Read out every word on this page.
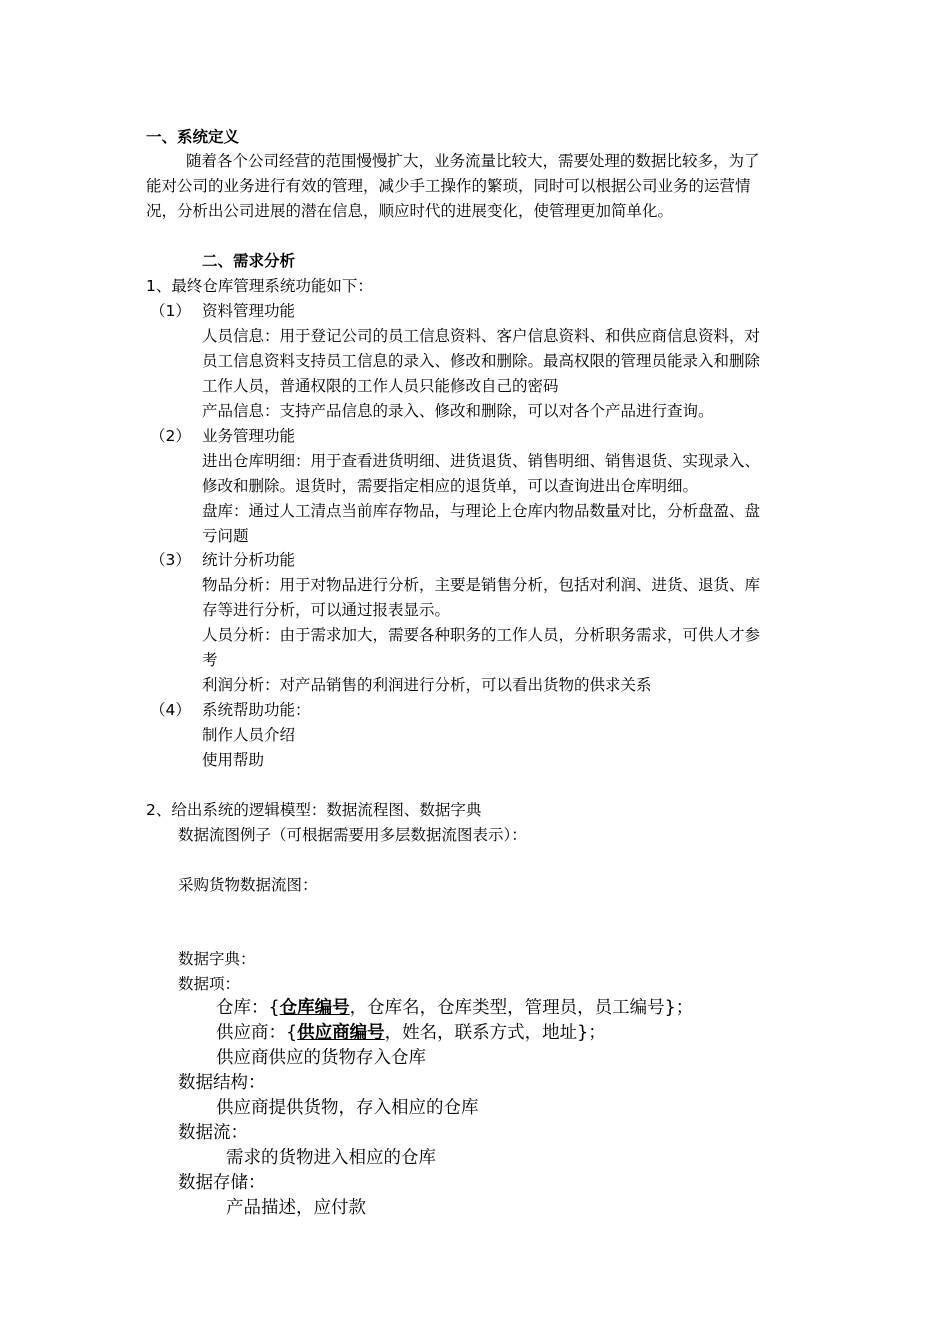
一、系统定义
随着各个公司经营的范围慢慢扩大，业务流量比较大，需要处理的数据比较多，为了
能对公司的业务进行有效的管理，减少手工操作的繁琐，同时可以根据公司业务的运营情
况，分析出公司进展的潜在信息，顺应时代的进展变化，使管理更加简单化。
二、需求分析
1、最终仓库管理系统功能如下：
（1） 资料管理功能
人员信息：用于登记公司的员工信息资料、客户信息资料、和供应商信息资料，对
员工信息资料支持员工信息的录入、修改和删除。最高权限的管理员能录入和删除
工作人员，普通权限的工作人员只能修改自己的密码
产品信息：支持产品信息的录入、修改和删除，可以对各个产品进行查询。
（2） 业务管理功能
进出仓库明细：用于查看进货明细、进货退货、销售明细、销售退货、实现录入、
修改和删除。退货时，需要指定相应的退货单，可以查询进出仓库明细。
盘库：通过人工清点当前库存物品，与理论上仓库内物品数量对比，分析盘盈、盘
亏问题
（3） 统计分析功能
物品分析：用于对物品进行分析，主要是销售分析，包括对利润、进货、退货、库
存等进行分析，可以通过报表显示。
人员分析：由于需求加大，需要各种职务的工作人员，分析职务需求，可供人才参
考
利润分析：对产品销售的利润进行分析，可以看出货物的供求关系
（4） 系统帮助功能：
制作人员介绍
使用帮助
2、给出系统的逻辑模型：数据流程图、数据字典
数据流图例子（可根据需要用多层数据流图表示）：
采购货物数据流图：
数据字典：
数据项：
仓库：{仓库编号，仓库名，仓库类型，管理员，员工编号}；
供应商：{供应商编号，姓名，联系方式，地址}；
供应商供应的货物存入仓库
数据结构：
供应商提供货物，存入相应的仓库
数据流：
需求的货物进入相应的仓库
数据存储：
产品描述，应付款
